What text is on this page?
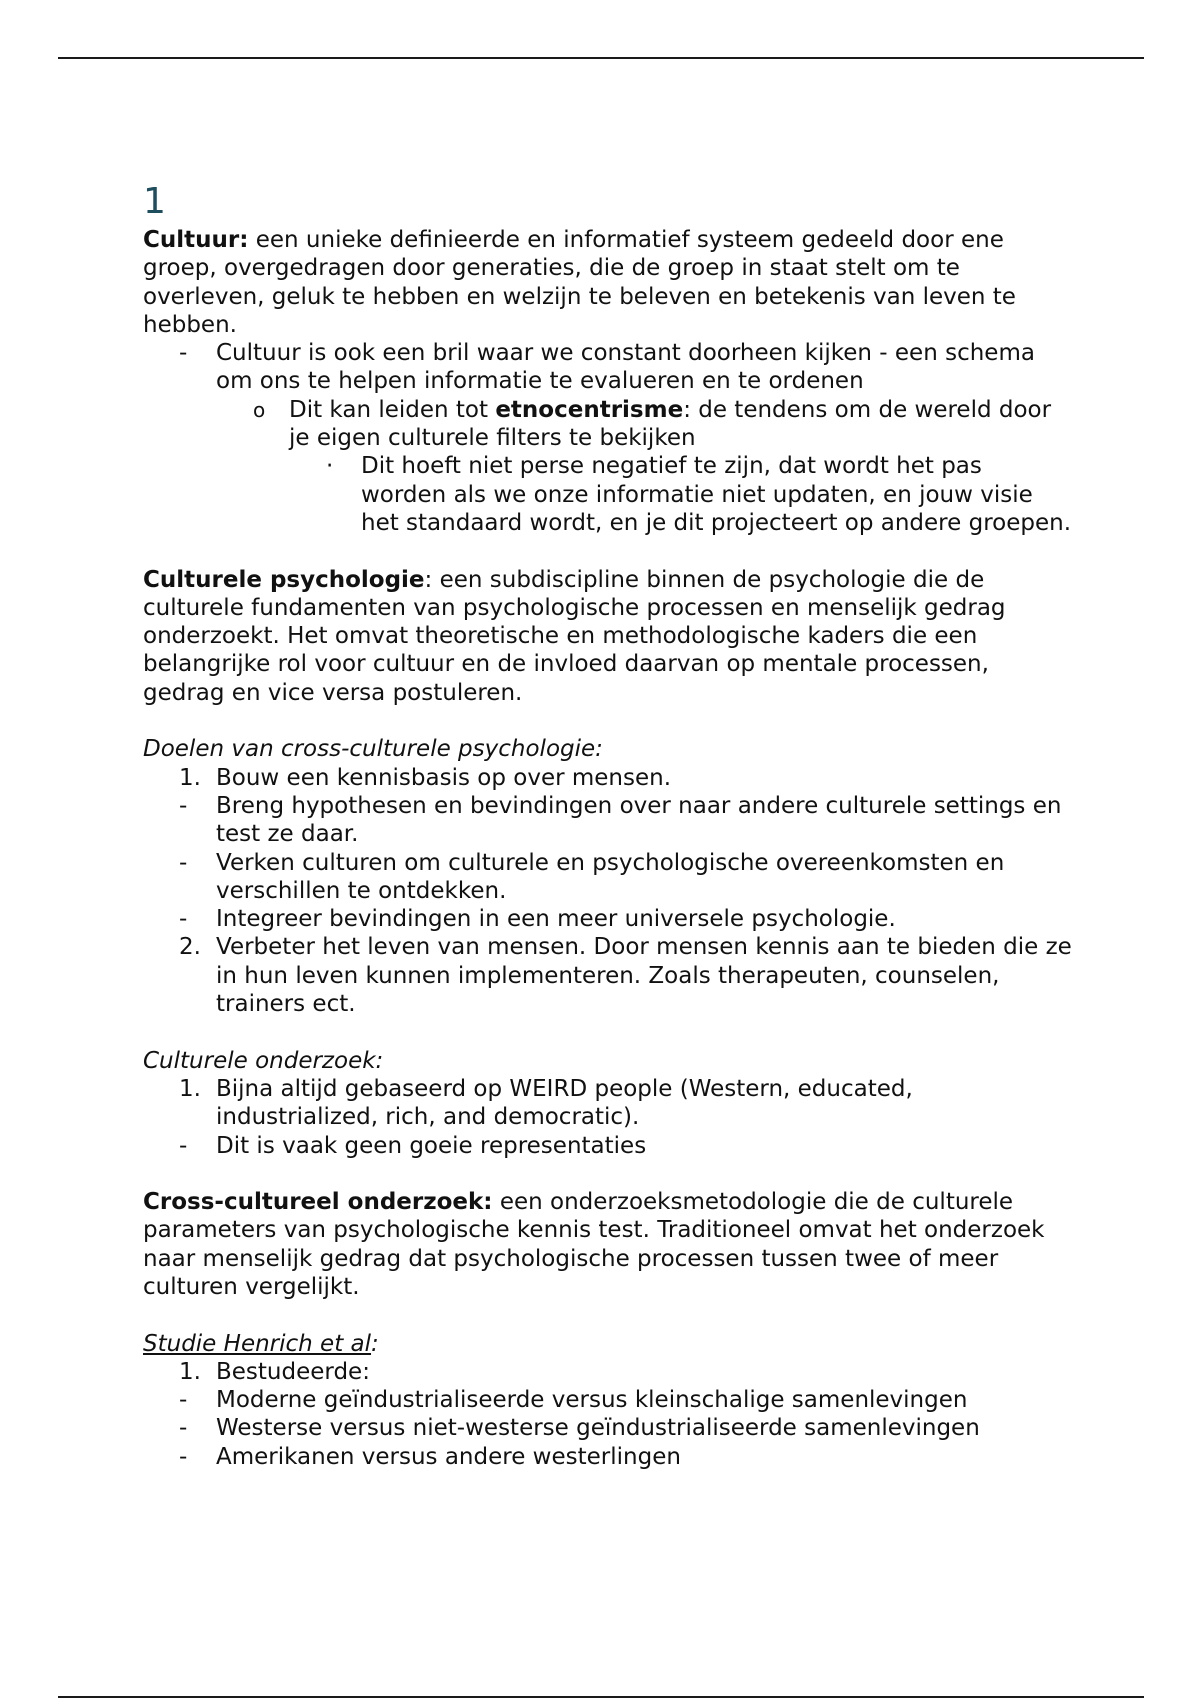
1

Cultuur: een unieke definieerde en informatief systeem gedeeld door ene groep, overgedragen door generaties, die de groep in staat stelt om te overleven, geluk te hebben en welzijn te beleven en betekenis van leven te hebben.

- Cultuur is ook een bril waar we constant doorheen kijken - een schema om ons te helpen informatie te evalueren en te ordenen
o Dit kan leiden tot etnocentrisme: de tendens om de wereld door je eigen culturele filters te bekijken
· Dit hoeft niet perse negatief te zijn, dat wordt het pas worden als we onze informatie niet updaten, en jouw visie het standaard wordt, en je dit projecteert op andere groepen.

Culturele psychologie: een subdiscipline binnen de psychologie die de culturele fundamenten van psychologische processen en menselijk gedrag onderzoekt. Het omvat theoretische en methodologische kaders die een belangrijke rol voor cultuur en de invloed daarvan op mentale processen, gedrag en vice versa postuleren.

Doelen van cross-culturele psychologie:

1. Bouw een kennisbasis op over mensen.
- Breng hypothesen en bevindingen over naar andere culturele settings en test ze daar.
- Verken culturen om culturele en psychologische overeenkomsten en verschillen te ontdekken.
- Integreer bevindingen in een meer universele psychologie.
2. Verbeter het leven van mensen. Door mensen kennis aan te bieden die ze in hun leven kunnen implementeren. Zoals therapeuten, counselen, trainers ect.

Culturele onderzoek:

1. Bijna altijd gebaseerd op WEIRD people (Western, educated, industrialized, rich, and democratic).
- Dit is vaak geen goeie representaties

Cross-cultureel onderzoek: een onderzoeksmetodologie die de culturele parameters van psychologische kennis test. Traditioneel omvat het onderzoek naar menselijk gedrag dat psychologische processen tussen twee of meer culturen vergelijkt.

Studie Henrich et al:

1. Bestudeerde:
- Moderne geïndustrialiseerde versus kleinschalige samenlevingen
- Westerse versus niet-westerse geïndustrialiseerde samenlevingen
- Amerikanen versus andere westerlingen
